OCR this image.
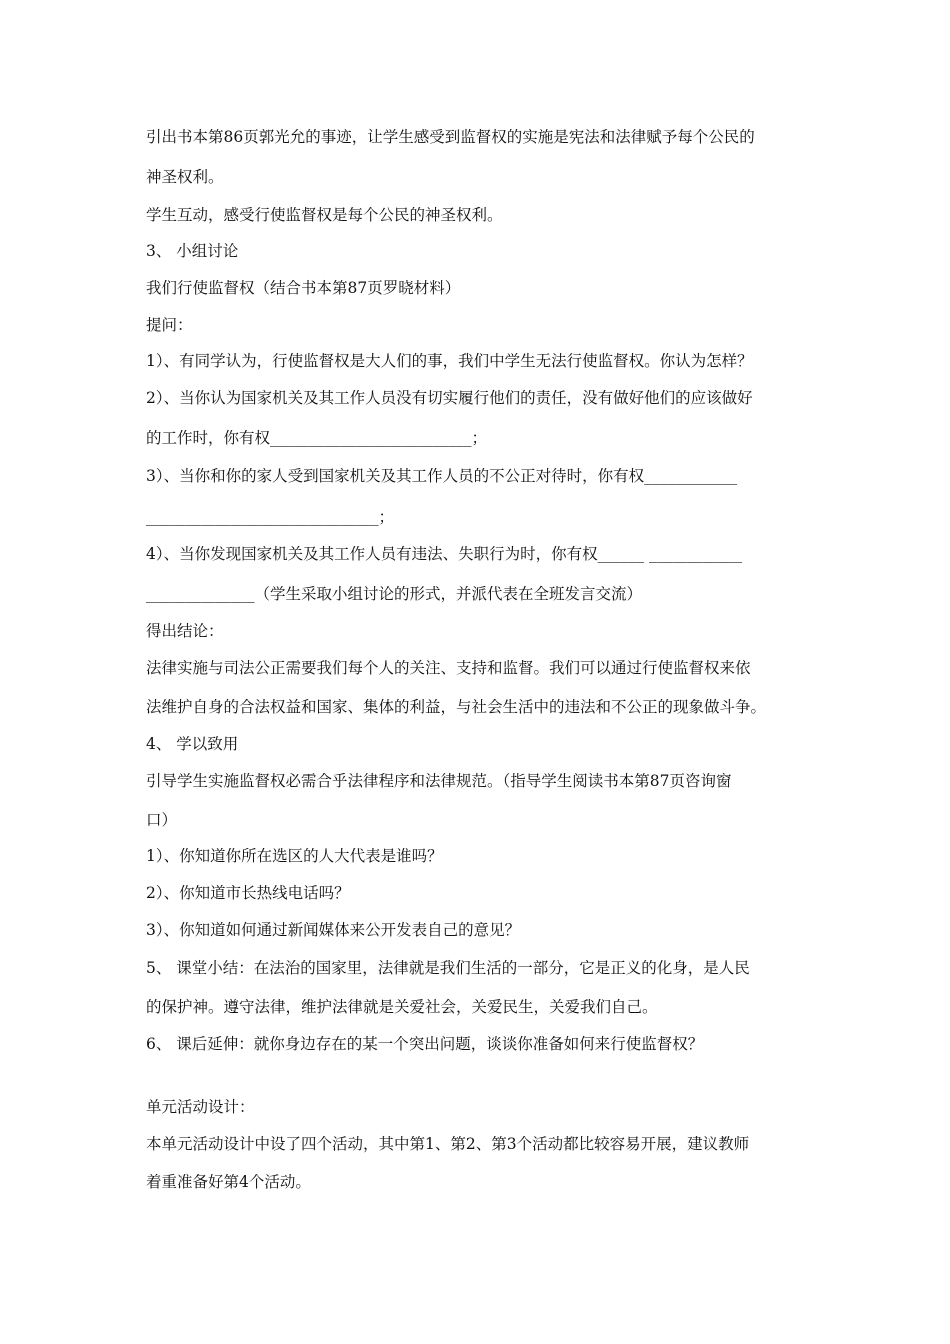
引出书本第86页郭光允的事迹，让学生感受到监督权的实施是宪法和法律赋予每个公民的
神圣权利。
学生互动，感受行使监督权是每个公民的神圣权利。
3、 小组讨论
我们行使监督权（结合书本第87页罗晓材料）
提问：
1）、有同学认为，行使监督权是大人们的事，我们中学生无法行使监督权。你认为怎样？
2）、当你认为国家机关及其工作人员没有切实履行他们的责任，没有做好他们的应该做好
的工作时，你有权__________________________；
3）、当你和你的家人受到国家机关及其工作人员的不公正对待时，你有权____________
______________________________；
4）、当你发现国家机关及其工作人员有违法、失职行为时，你有权______ ____________
______________（学生采取小组讨论的形式，并派代表在全班发言交流）
得出结论：
法律实施与司法公正需要我们每个人的关注、支持和监督。我们可以通过行使监督权来依
法维护自身的合法权益和国家、集体的利益，与社会生活中的违法和不公正的现象做斗争。
4、 学以致用
引导学生实施监督权必需合乎法律程序和法律规范。（指导学生阅读书本第87页咨询窗
口）
1）、你知道你所在选区的人大代表是谁吗？
2）、你知道市长热线电话吗？
3）、你知道如何通过新闻媒体来公开发表自己的意见？
5、 课堂小结：在法治的国家里，法律就是我们生活的一部分，它是正义的化身，是人民
的保护神。遵守法律，维护法律就是关爱社会，关爱民生，关爱我们自己。
6、 课后延伸：就你身边存在的某一个突出问题，谈谈你准备如何来行使监督权？
单元活动设计：
本单元活动设计中设了四个活动，其中第1、第2、第3个活动都比较容易开展，建议教师
着重准备好第4个活动。
